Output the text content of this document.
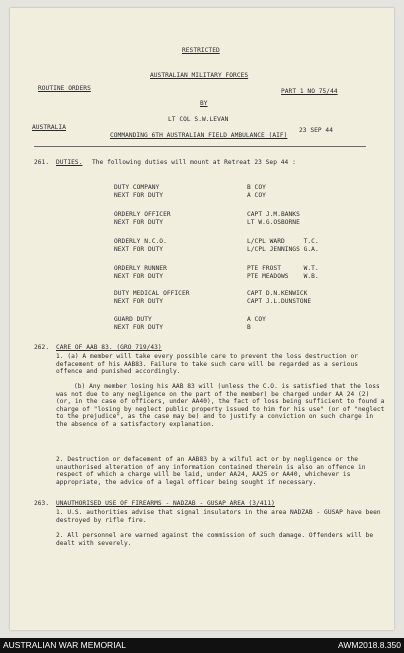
RESTRICTED
AUSTRALIAN MILITARY FORCES
ROUTINE ORDERS	PART 1 NO 75/44
BY
LT COL S.W.LEVAN
AUSTRALIA	23 SEP 44
COMMANDING 6TH AUSTRALIAN FIELD AMBULANCE (AIF)
261. DUTIES. The following duties will mount at Retreat 23 Sep 44 :
DUTY COMPANY	B COY
NEXT FOR DUTY	A COY
ORDERLY OFFICER	CAPT J.M.BANKS
NEXT FOR DUTY	LT W.G.OSBORNE
ORDERLY N.C.O.	L/CPL WARD     T.C.
NEXT FOR DUTY	L/CPL JENNINGS G.A.
ORDERLY RUNNER	PTE FROST      W.T.
NEXT FOR DUTY	PTE MEADOWS    W.B.
DUTY MEDICAL OFFICER	CAPT D.N.KENWICK
NEXT FOR DUTY	CAPT J.L.DUNSTONE
GUARD DUTY	A COY
NEXT FOR DUTY	B
262. CARE OF AAB 83. (GRO 719/43)
1. (a) A member will take every possible care to prevent the loss destruction or defacement of his AAB83. Failure to take such care will be regarded as a serious offence and punished accordingly.
(b) Any member losing his AAB 83 will (unless the C.O. is satisfied that the loss was not due to any negligence on the part of the member) be charged under AA 24 (2) (or, in the case of officers, under AA40), the fact of loss being sufficient to found a charge of "losing by neglect public property issued to him for his use" (or of "neglect to the prejudice", as the case may be) and to justify a conviction on such charge in the absence of a satisfactory explanation.
2. Destruction or defacement of an AAB83 by a wilful act or by negligence or the unauthorised alteration of any information contained therein is also an offence in respect of which a charge will be laid, under AA24, AA25 or AA40, whichever is appropriate, the advice of a legal officer being sought if necessary.
263. UNAUTHORISED USE OF FIREARMS - NADZAB - GUSAP AREA (3/411)
1. U.S. authorities advise that signal insulators in the area NADZAB - GUSAP have been destroyed by rifle fire.
2. All personnel are warned against the commission of such damage. Offenders will be dealt with severely.
AUSTRALIAN WAR MEMORIAL	AWM2018.8.350
